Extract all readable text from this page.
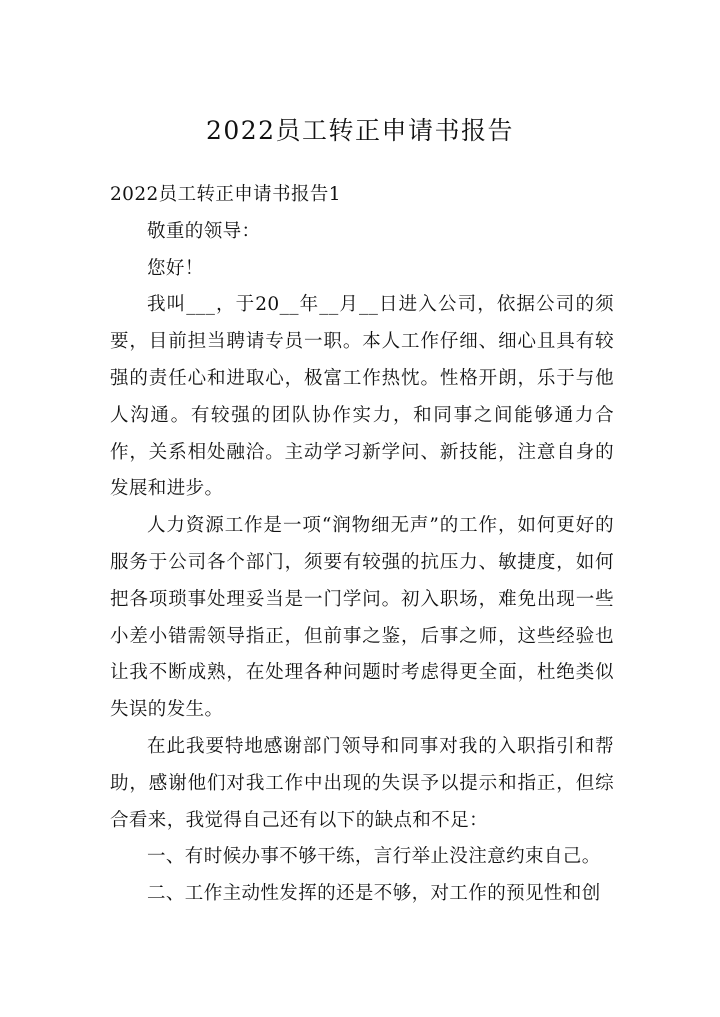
2022员工转正申请书报告

2022员工转正申请书报告1

敬重的领导：

您好！

我叫___，于20__年__月__日进入公司，依据公司的须要，目前担当聘请专员一职。本人工作仔细、细心且具有较强的责任心和进取心，极富工作热忱。性格开朗，乐于与他人沟通。有较强的团队协作实力，和同事之间能够通力合作，关系相处融洽。主动学习新学问、新技能，注意自身的发展和进步。

人力资源工作是一项“润物细无声”的工作，如何更好的服务于公司各个部门，须要有较强的抗压力、敏捷度，如何把各项琐事处理妥当是一门学问。初入职场，难免出现一些小差小错需领导指正，但前事之鉴，后事之师，这些经验也让我不断成熟，在处理各种问题时考虑得更全面，杜绝类似失误的发生。

在此我要特地感谢部门领导和同事对我的入职指引和帮助，感谢他们对我工作中出现的失误予以提示和指正，但综合看来，我觉得自己还有以下的缺点和不足：

一、有时候办事不够干练，言行举止没注意约束自己。

二、工作主动性发挥的还是不够，对工作的预见性和创
